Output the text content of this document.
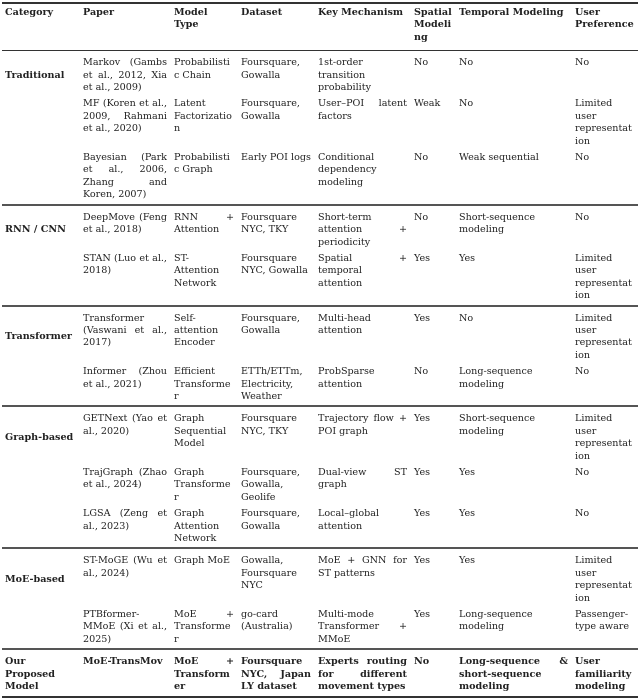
Category	Paper	Model Type	Dataset	Key Mechanism	Spatial Modeling	Temporal Modeling	User Preference
Traditional	Markov (Gambs et al., 2012, Xia et al., 2009)	Probabilistic Chain	Foursquare, Gowalla	1st-order transition probability	No	No	No
	MF (Koren et al., 2009, Rahmani et al., 2020)	Latent Factorization	Foursquare, Gowalla	User–POI latent factors	Weak	No	Limited user representation
	Bayesian (Park et al., 2006, Zhang and Koren, 2007)	Probabilistic Graph	Early POI logs	Conditional dependency modeling	No	Weak sequential	No
RNN / CNN	DeepMove (Feng et al., 2018)	RNN + Attention	Foursquare NYC, TKY	Short-term attention + periodicity	No	Short-sequence modeling	No
	STAN (Luo et al., 2018)	ST-Attention Network	Foursquare NYC, Gowalla	Spatial + temporal attention	Yes	Yes	Limited user representation
Transformer	Transformer (Vaswani et al., 2017)	Self-attention Encoder	Foursquare, Gowalla	Multi-head attention	Yes	No	Limited user representation
	Informer (Zhou et al., 2021)	Efficient Transformer	ETTh/ETTm, Electricity, Weather	ProbSparse attention	No	Long-sequence modeling	No
Graph-based	GETNext (Yao et al., 2020)	Graph Sequential Model	Foursquare NYC, TKY	Trajectory flow + POI graph	Yes	Short-sequence modeling	Limited user representation
	TrajGraph (Zhao et al., 2024)	Graph Transformer	Foursquare, Gowalla, Geolife	Dual-view ST graph	Yes	Yes	No
	LGSA (Zeng et al., 2023)	Graph Attention Network	Foursquare, Gowalla	Local–global attention	Yes	Yes	No
MoE-based	ST-MoGE (Wu et al., 2024)	Graph MoE	Gowalla, Foursquare NYC	MoE + GNN for ST patterns	Yes	Yes	Limited user representation
	PTBformer-MMoE (Xi et al., 2025)	MoE + Transformer	go-card (Australia)	Multi-mode Transformer + MMoE	Yes	Long-sequence modeling	Passenger-type aware
Our Proposed Model	MoE-TransMov	MoE + Transformer	Foursquare NYC, Japan LY dataset	Experts routing for different movement types	No	Long-sequence & short-sequence modeling	User familiarity modeling
